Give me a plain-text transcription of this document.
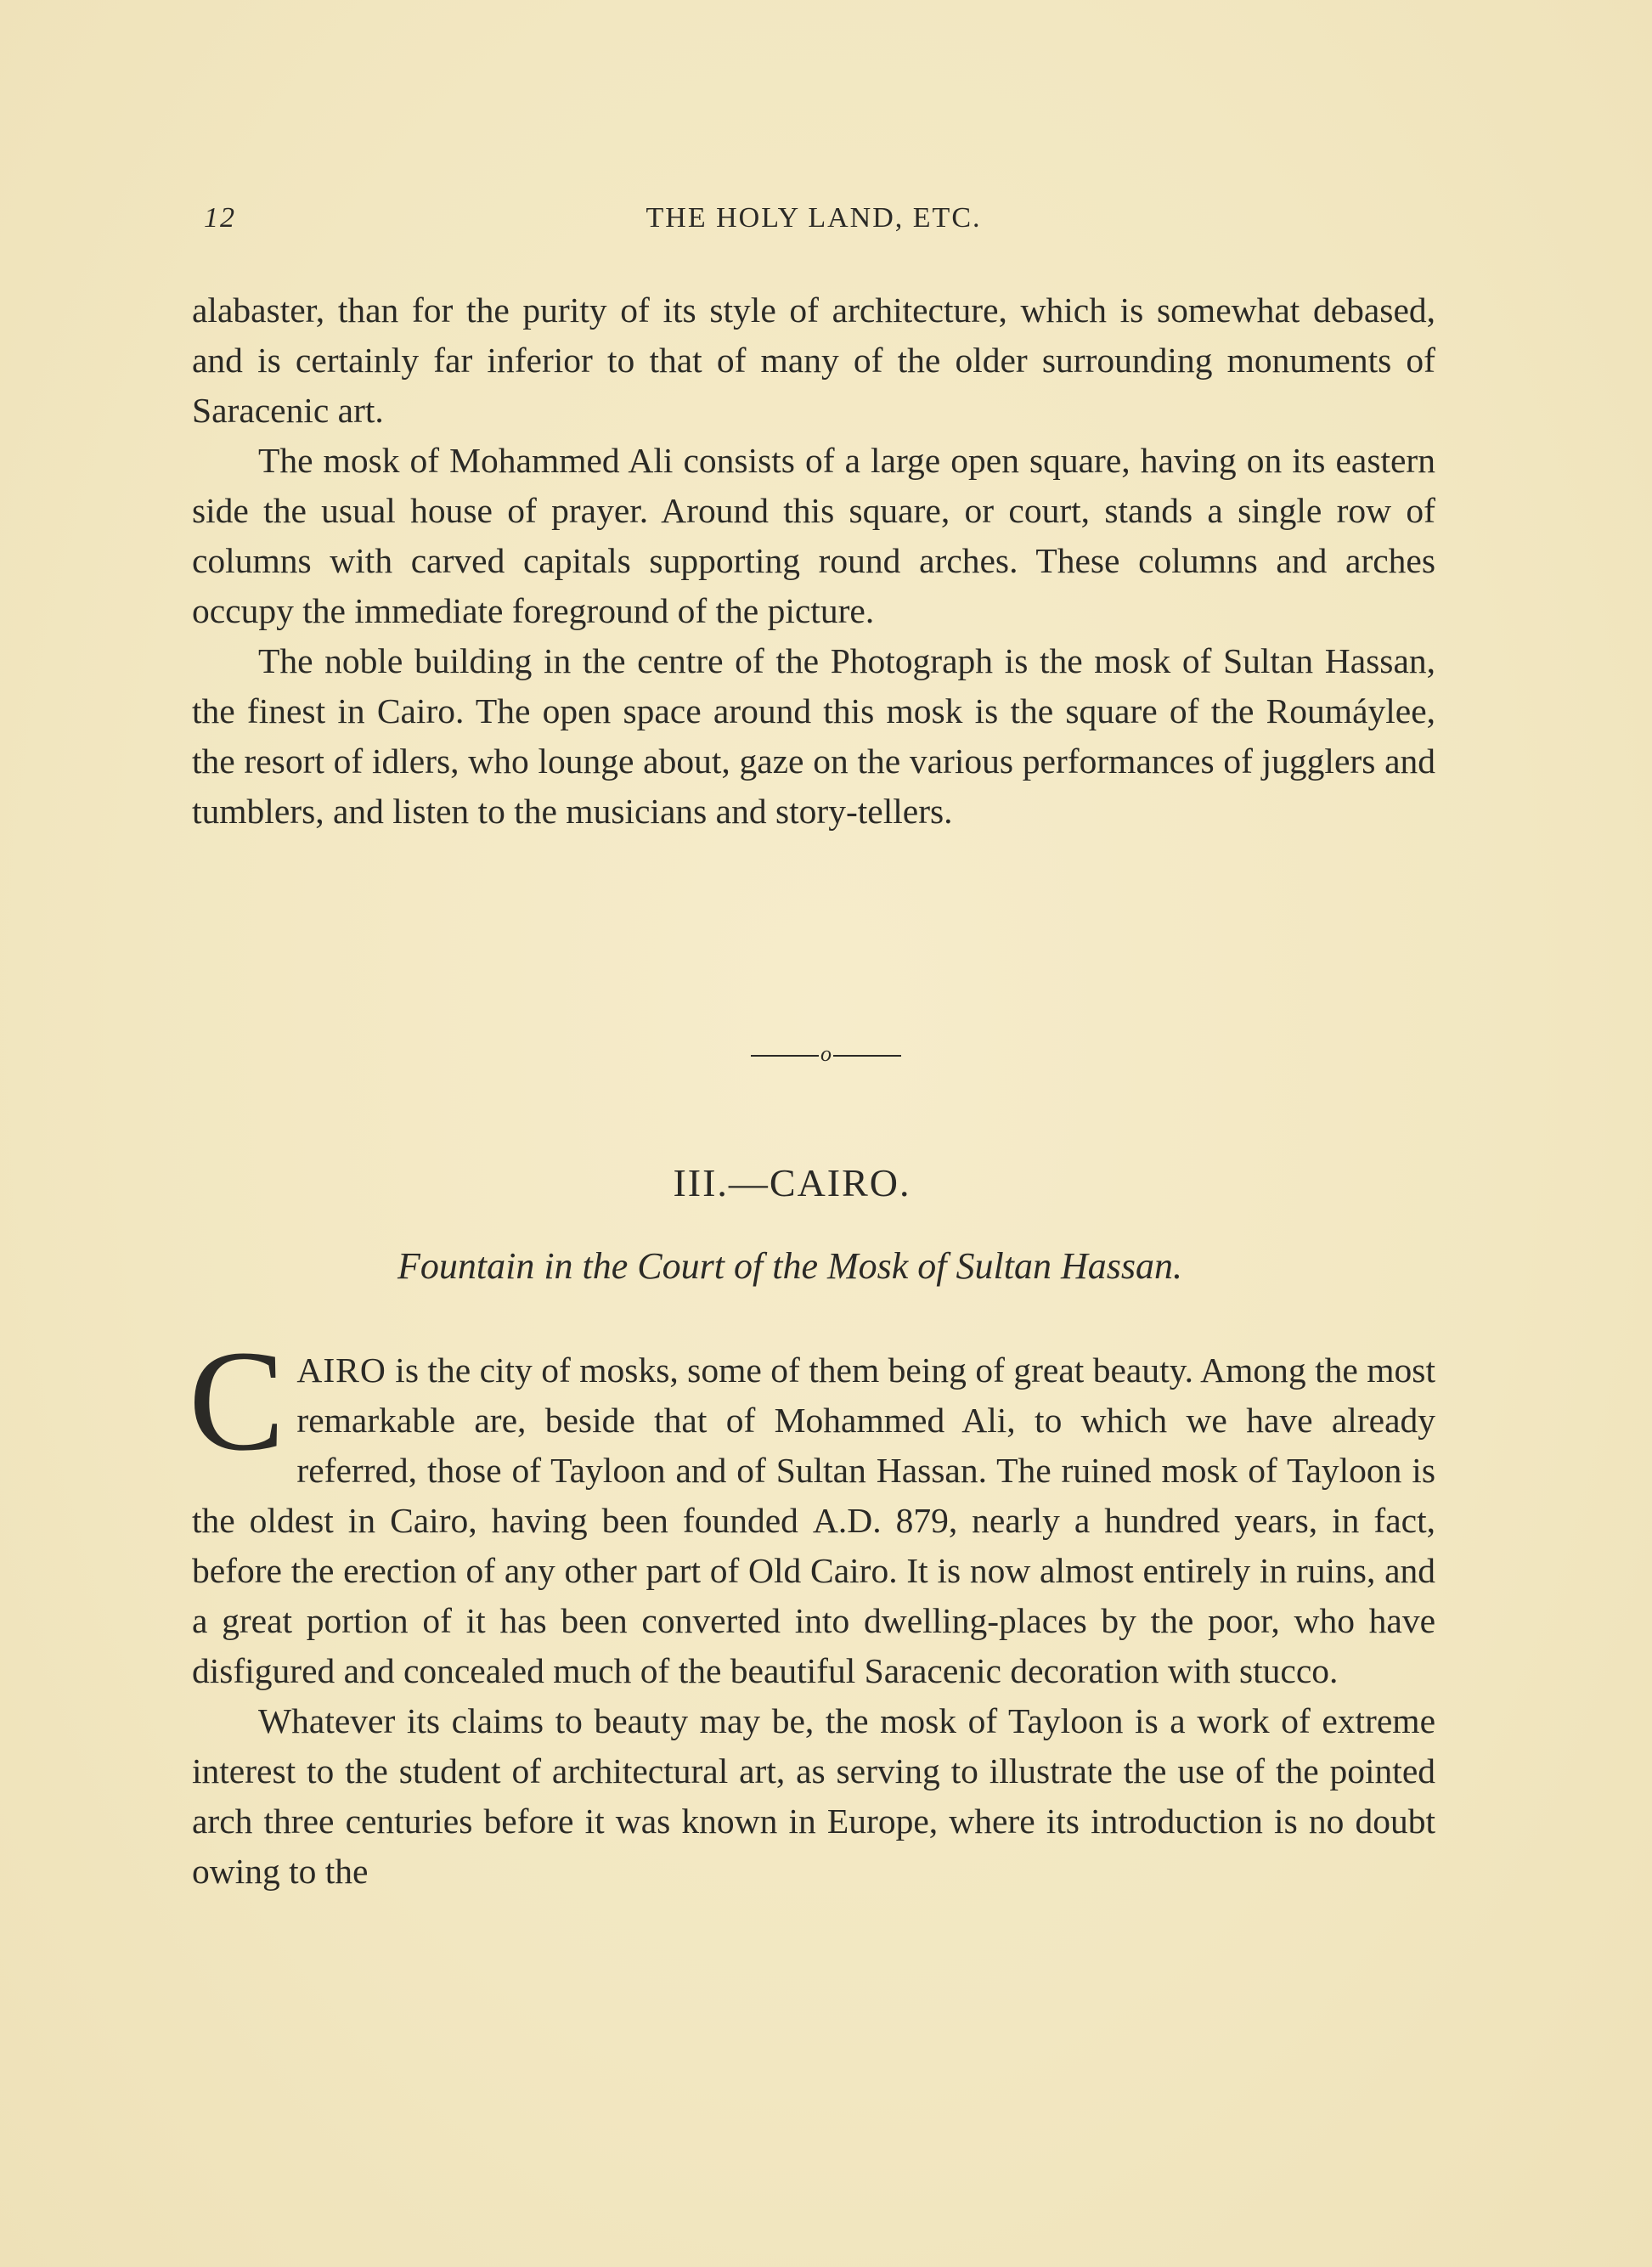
12	THE HOLY LAND, ETC.

alabaster, than for the purity of its style of architecture, which is somewhat debased, and is certainly far inferior to that of many of the older surrounding monuments of Saracenic art.

The mosk of Mohammed Ali consists of a large open square, having on its eastern side the usual house of prayer. Around this square, or court, stands a single row of columns with carved capitals supporting round arches. These columns and arches occupy the immediate foreground of the picture.

The noble building in the centre of the Photograph is the mosk of Sultan Hassan, the finest in Cairo. The open space around this mosk is the square of the Roumáylee, the resort of idlers, who lounge about, gaze on the various performances of jugglers and tumblers, and listen to the musicians and story-tellers.

o
III.—CAIRO.
Fountain in the Court of the Mosk of Sultan Hassan.

CAIRO is the city of mosks, some of them being of great beauty. Among the most remarkable are, beside that of Mohammed Ali, to which we have already referred, those of Tayloon and of Sultan Hassan. The ruined mosk of Tayloon is the oldest in Cairo, having been founded A.D. 879, nearly a hundred years, in fact, before the erection of any other part of Old Cairo. It is now almost entirely in ruins, and a great portion of it has been converted into dwelling-places by the poor, who have disfigured and concealed much of the beautiful Saracenic decoration with stucco.

Whatever its claims to beauty may be, the mosk of Tayloon is a work of extreme interest to the student of architectural art, as serving to illustrate the use of the pointed arch three centuries before it was known in Europe, where its introduction is no doubt owing to the
